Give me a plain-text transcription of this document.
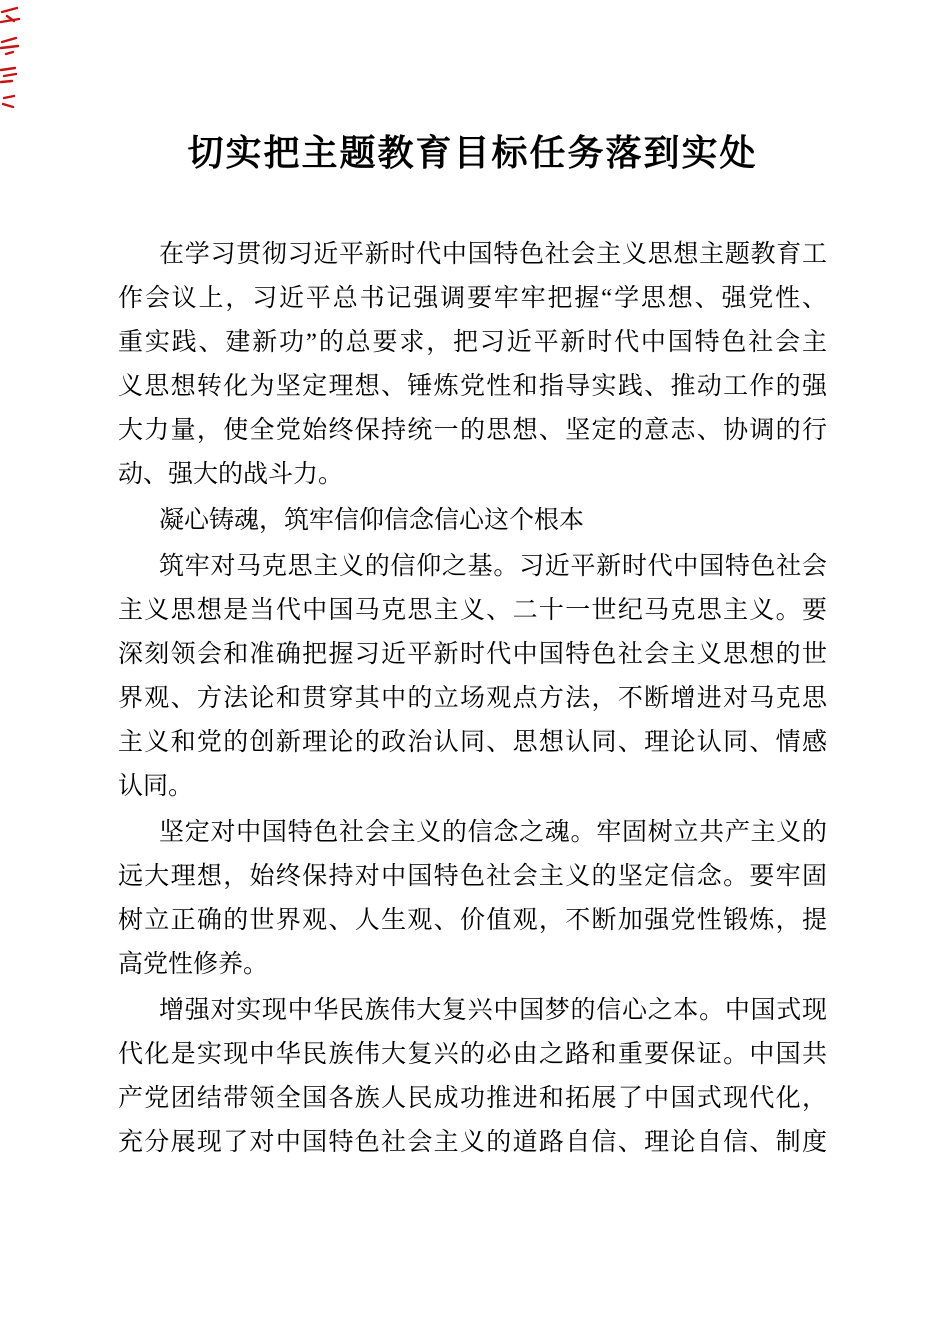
切实把主题教育目标任务落到实处
在学习贯彻习近平新时代中国特色社会主义思想主题教育工
作会议上，习近平总书记强调要牢牢把握“学思想、强党性、
重实践、建新功”的总要求，把习近平新时代中国特色社会主
义思想转化为坚定理想、锤炼党性和指导实践、推动工作的强
大力量，使全党始终保持统一的思想、坚定的意志、协调的行
动、强大的战斗力。
凝心铸魂，筑牢信仰信念信心这个根本
筑牢对马克思主义的信仰之基。习近平新时代中国特色社会
主义思想是当代中国马克思主义、二十一世纪马克思主义。要
深刻领会和准确把握习近平新时代中国特色社会主义思想的世
界观、方法论和贯穿其中的立场观点方法，不断增进对马克思
主义和党的创新理论的政治认同、思想认同、理论认同、情感
认同。
坚定对中国特色社会主义的信念之魂。牢固树立共产主义的
远大理想，始终保持对中国特色社会主义的坚定信念。要牢固
树立正确的世界观、人生观、价值观，不断加强党性锻炼，提
高党性修养。
增强对实现中华民族伟大复兴中国梦的信心之本。中国式现
代化是实现中华民族伟大复兴的必由之路和重要保证。中国共
产党团结带领全国各族人民成功推进和拓展了中国式现代化，
充分展现了对中国特色社会主义的道路自信、理论自信、制度
